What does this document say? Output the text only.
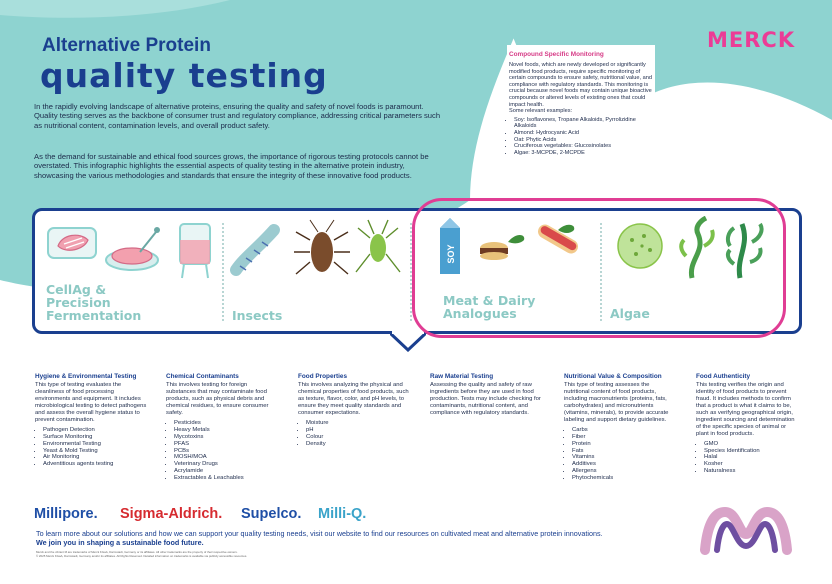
Alternative Protein
quality testing
MERCK
In the rapidly evolving landscape of alternative proteins, ensuring the quality and safety of novel foods is paramount. Quality testing serves as the backbone of consumer trust and regulatory compliance, addressing critical parameters such as nutritional content, contamination levels, and overall product safety.
As the demand for sustainable and ethical food sources grows, the importance of rigorous testing protocols cannot be overstated. This infographic highlights the essential aspects of quality testing in the alternative protein industry, showcasing the various methodologies and standards that ensure the integrity of these innovative food products.
Compound Specific Monitoring
Novel foods, which are newly developed or significantly modified food products, require specific monitoring of certain compounds to ensure safety, nutritional value, and compliance with regulatory standards. This monitoring is crucial because novel foods may contain unique bioactive compounds or altered levels of existing ones that could impact health.
Some relevant examples:
• Soy: Isoflavones, Tropane Alkaloids, Pyrrolizidine Alkaloids
• Almond: Hydrocyanic Acid
• Oat: Phytic Acids
• Cruciferous vegetables: Glucosinolates
• Algae: 3-MCPDE, 2-MCPDE
SOY
CellAg &
Precision
Fermentation	Insects
Meat & Dairy
Analogues	Algae
Hygiene & Environmental Testing
This type of testing evaluates the cleanliness of food processing environments and equipment. It includes microbiological testing to detect pathogens and assess the overall hygiene status to prevent contamination.
• Pathogen Detection
• Surface Monitoring
• Environmental Testing
• Yeast & Mold Testing
• Air Monitoring
• Adventitious agents testing
Chemical Contaminants
This involves testing for foreign substances that may contaminate food products, such as physical debris and chemical residues, to ensure consumer safety.
• Pesticides
• Heavy Metals
• Mycotoxins
• PFAS
• PCBs
• MOSH/MOA
• Veterinary Drugs
• Acrylamide
• Extractables & Leachables
Food Properties
This involves analyzing the physical and chemical properties of food products, such as texture, flavor, color, and pH levels, to ensure they meet quality standards and consumer expectations.
• Moisture
• pH
• Colour
• Density
Raw Material Testing
Assessing the quality and safety of raw ingredients before they are used in food production. Tests may include checking for contaminants, nutritional content, and compliance with regulatory standards.
Nutritional Value & Composition
This type of testing assesses the nutritional content of food products, including macronutrients (proteins, fats, carbohydrates) and micronutrients (vitamins, minerals), to provide accurate labeling and support dietary guidelines.
• Carbs
• Fiber
• Protein
• Fats
• Vitamins
• Additives
• Allergens
• Phytochemicals
Food Authenticity
This testing verifies the origin and identity of food products to prevent fraud. It includes methods to confirm that a product is what it claims to be, such as verifying geographical origin, ingredient sourcing and determination of the specific species of animal or plant in food products.
• GMO
• Species Identification
• Halal
• Kosher
• Naturalness
Millipore. Sigma-Aldrich. Supelco. Milli-Q.
To learn more about our solutions and how we can support your quality testing needs, visit our website to find our resources on cultivated meat and alternative protein innovations.
We join you in shaping a sustainable food future.
Merck and the vibrant M are trademarks of Merck KGaA, Darmstadt, Germany or its affiliates. All other trademarks are the property of their respective owners.
© 2025 Merck KGaA, Darmstadt, Germany and/or its affiliates. All Rights Reserved. Detailed information on trademarks is available via publicly accessible resources.
